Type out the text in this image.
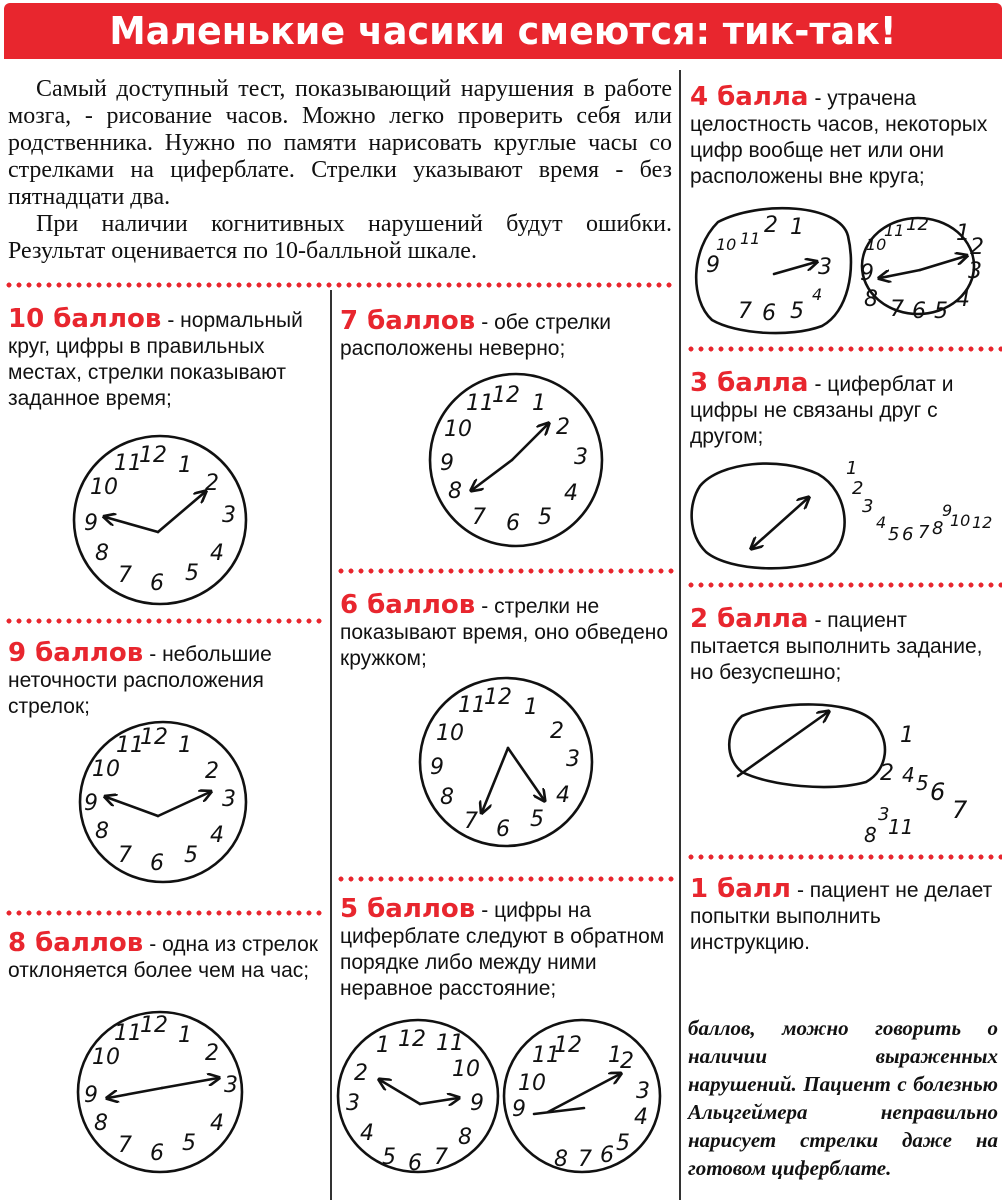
Маленькие часики смеются: тик-так!

Самый доступный тест, показывающий нарушения в работе мозга, - рисование часов. Можно легко проверить себя или родственника. Нужно по памяти нарисовать круглые часы со стрелками на циферблате. Стрелки указывают время - без пятнадцати два.

При наличии когнитивных нарушений будут ошибки. Результат оценивается по 10-балльной шкале.

10 баллов - нормальный круг, цифры в правильных местах, стрелки показывают заданное время;
9 баллов - небольшие неточности расположения стрелок;
8 баллов - одна из стрелок отклоняется более чем на час;
7 баллов - обе стрелки расположены неверно;
6 баллов - стрелки не показывают время, оно обведено кружком;
5 баллов - цифры на циферблате следуют в обратном порядке либо между ними неравное расстояние;
4 балла - утрачена целостность часов, некоторых цифр вообще нет или они расположены вне круга;
3 балла - циферблат и цифры не связаны друг с другом;
2 балла - пациент пытается выполнить задание, но безуспешно;
1 балл - пациент не делает попытки выполнить инструкцию.
баллов, можно говорить о наличии выраженных нарушений. Пациент с болезнью Альцгеймера неправильно нарисует стрелки даже на готовом циферблате.
11
12 1
2
3
4
5
6
7
8
9
10
11
12 1
2
3
4
5
6
7
8
9
10
11
12 1
2
3
4
5
6
7
8
9
10
11
12 1
2
3
4
5
6
7
8
9
10
11
12 1
2
3
4
5
6
7
8
9
10
1 12 11
10
9
8
7
6
5
4
3
2
11
12 1
2
3
4
5
6
7
8
9
10
10 11
2 1
3
9
7 6 5
4
10
11 12 1
2
3
9
8 7 6 5 4
1
2
3
4
5 6 7 8
9
10 12
1
2 4 5 6
7
8
3
11
